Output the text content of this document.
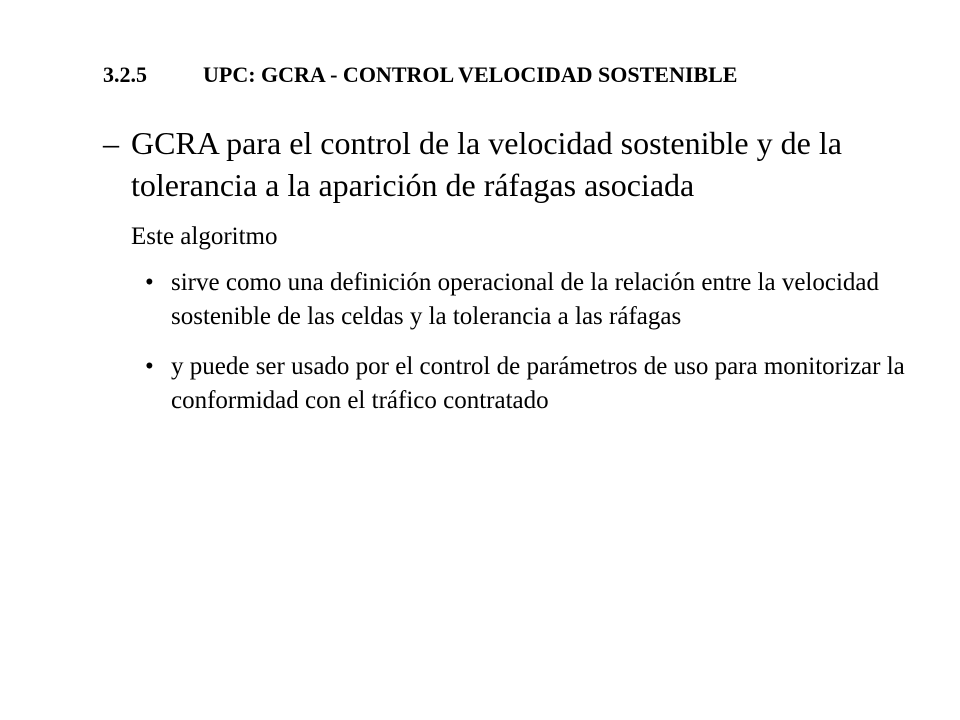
3.2.5	UPC: GCRA - CONTROL VELOCIDAD SOSTENIBLE
– GCRA para el control de la velocidad sostenible y de la tolerancia a la aparición de ráfagas asociada
Este algoritmo
• sirve como una definición operacional de la relación entre la velocidad sostenible de las celdas y la tolerancia a las ráfagas
• y puede ser usado por el control de parámetros de uso para monitorizar la conformidad con el tráfico contratado
